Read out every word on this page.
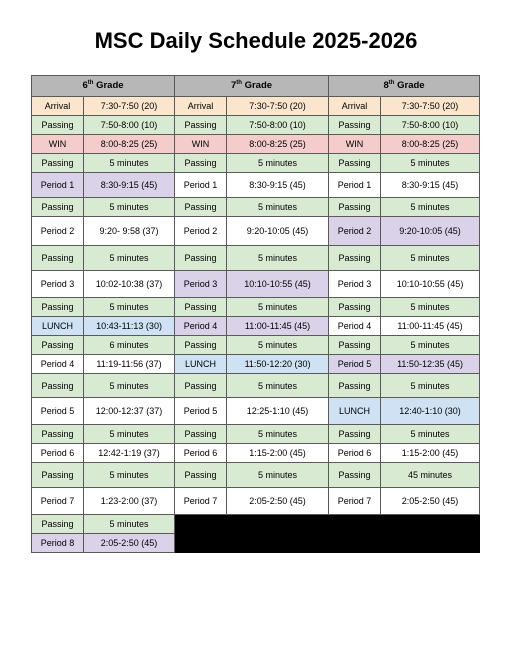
MSC Daily Schedule 2025-2026
6th Grade		7th Grade		8th Grade	
Arrival	7:30-7:50 (20)	Arrival	7:30-7:50 (20)	Arrival	7:30-7:50 (20)
Passing	7:50-8:00 (10)	Passing	7:50-8:00 (10)	Passing	7:50-8:00 (10)
WIN	8:00-8:25 (25)	WIN	8:00-8:25 (25)	WIN	8:00-8:25 (25)
Passing	5 minutes	Passing	5 minutes	Passing	5 minutes
Period 1	8:30-9:15 (45)	Period 1	8:30-9:15 (45)	Period 1	8:30-9:15 (45)
Passing	5 minutes	Passing	5 minutes	Passing	5 minutes
Period 2	9:20- 9:58 (37)	Period 2	9:20-10:05 (45)	Period 2	9:20-10:05 (45)
Passing	5 minutes	Passing	5 minutes	Passing	5 minutes
Period 3	10:02-10:38 (37)	Period 3	10:10-10:55 (45)	Period 3	10:10-10:55 (45)
Passing	5 minutes	Passing	5 minutes	Passing	5 minutes
LUNCH	10:43-11:13 (30)	Period 4	11:00-11:45 (45)	Period 4	11:00-11:45 (45)
Passing	6 minutes	Passing	5 minutes	Passing	5 minutes
Period 4	11:19-11:56 (37)	LUNCH	11:50-12:20 (30)	Period 5	11:50-12:35 (45)
Passing	5 minutes	Passing	5 minutes	Passing	5 minutes
Period 5	12:00-12:37 (37)	Period 5	12:25-1:10 (45)	LUNCH	12:40-1:10 (30)
Passing	5 minutes	Passing	5 minutes	Passing	5 minutes
Period 6	12:42-1:19 (37)	Period 6	1:15-2:00 (45)	Period 6	1:15-2:00 (45)
Passing	5 minutes	Passing	5 minutes	Passing	45 minutes
Period 7	1:23-2:00 (37)	Period 7	2:05-2:50 (45)	Period 7	2:05-2:50 (45)
Passing	5 minutes				
Period 8	2:05-2:50 (45)				
